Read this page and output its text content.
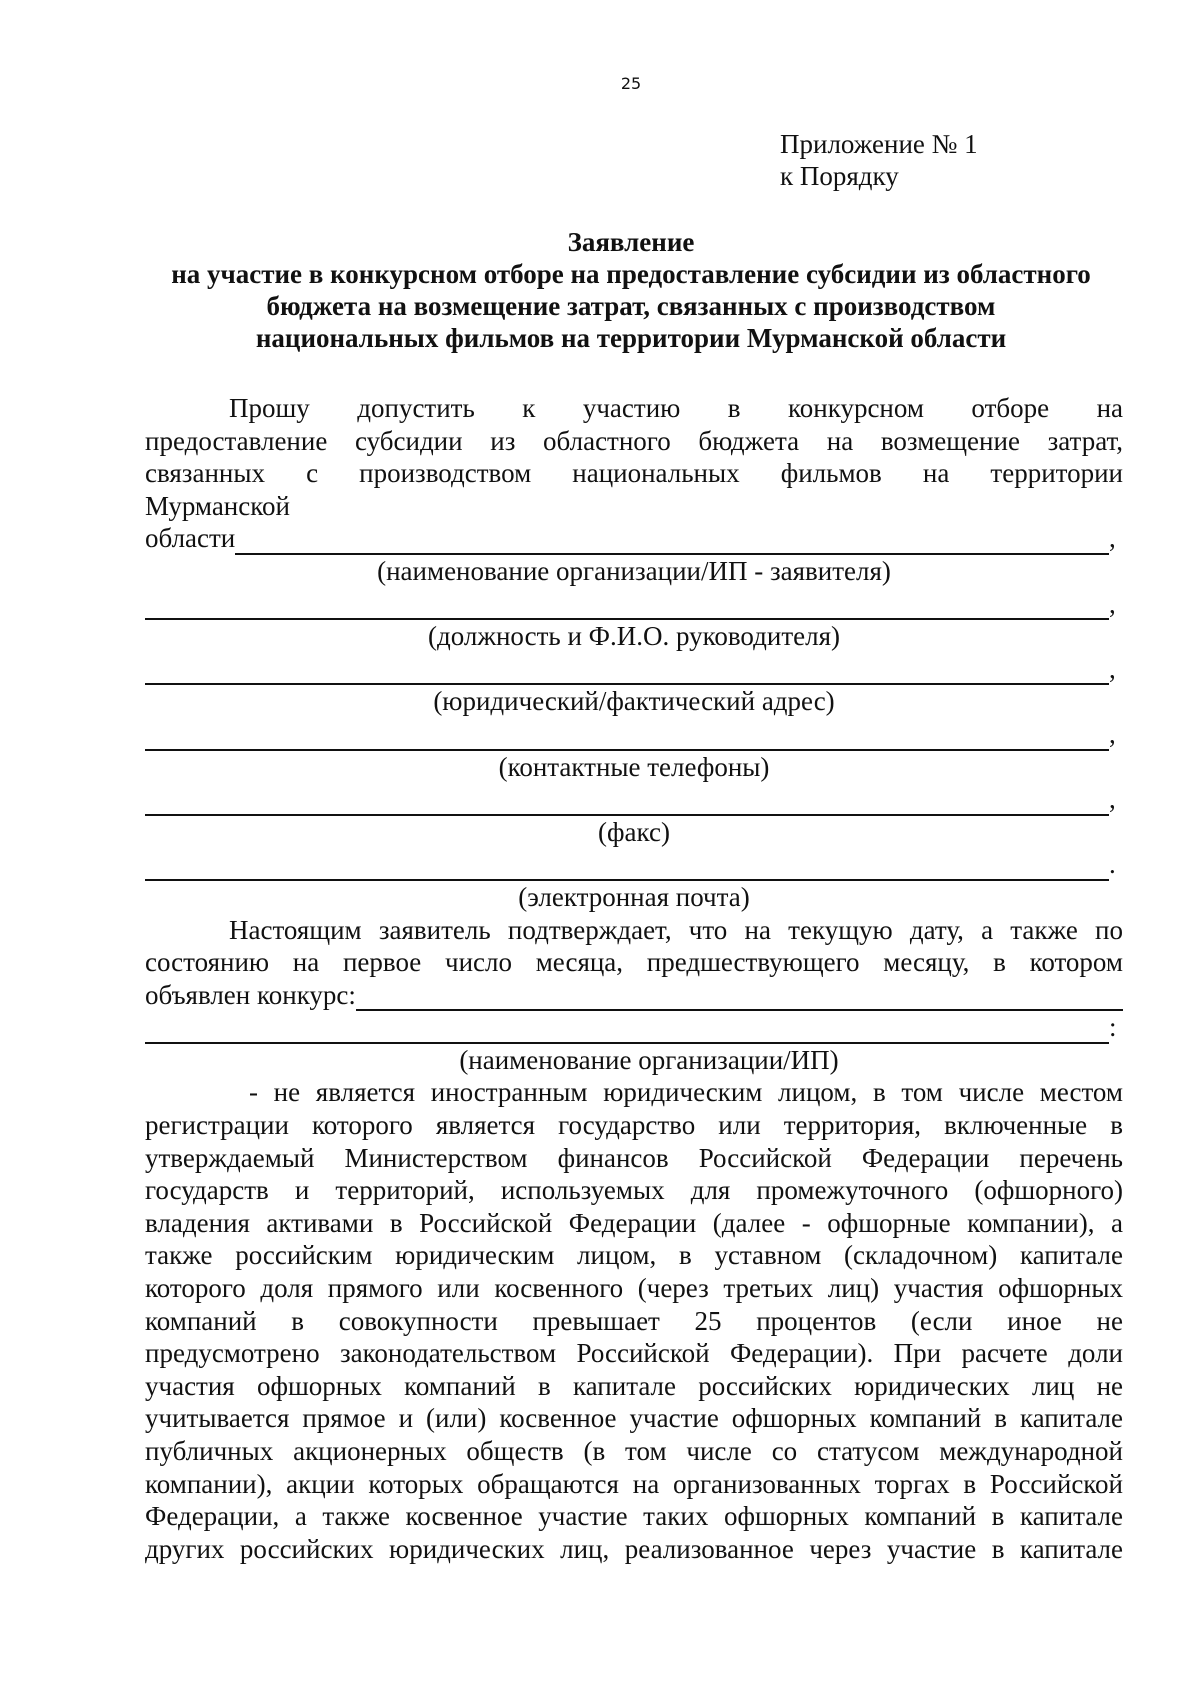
25
Приложение № 1
к Порядку
Заявление
на участие в конкурсном отборе на предоставление субсидии из областного
бюджета на возмещение затрат, связанных с производством
национальных фильмов на территории Мурманской области
Прошу допустить к участию в конкурсном отборе на
предоставление субсидии из областного бюджета на возмещение затрат,
связанных с производством национальных фильмов на территории
Мурманской
области	,
(наименование организации/ИП - заявителя)
,
(должность и Ф.И.О. руководителя)
,
(юридический/фактический адрес)
,
(контактные телефоны)
,
(факс)
.
(электронная почта)
Настоящим заявитель подтверждает, что на текущую дату, а также по
состоянию на первое число месяца, предшествующего месяцу, в котором
объявлен конкурс:
:
(наименование организации/ИП)
- не является иностранным юридическим лицом, в том числе местом
регистрации которого является государство или территория, включенные в
утверждаемый Министерством финансов Российской Федерации перечень
государств и территорий, используемых для промежуточного (офшорного)
владения активами в Российской Федерации (далее - офшорные компании), а
также российским юридическим лицом, в уставном (складочном) капитале
которого доля прямого или косвенного (через третьих лиц) участия офшорных
компаний в совокупности превышает 25 процентов (если иное не
предусмотрено законодательством Российской Федерации). При расчете доли
участия офшорных компаний в капитале российских юридических лиц не
учитывается прямое и (или) косвенное участие офшорных компаний в капитале
публичных акционерных обществ (в том числе со статусом международной
компании), акции которых обращаются на организованных торгах в Российской
Федерации, а также косвенное участие таких офшорных компаний в капитале
других российских юридических лиц, реализованное через участие в капитале
